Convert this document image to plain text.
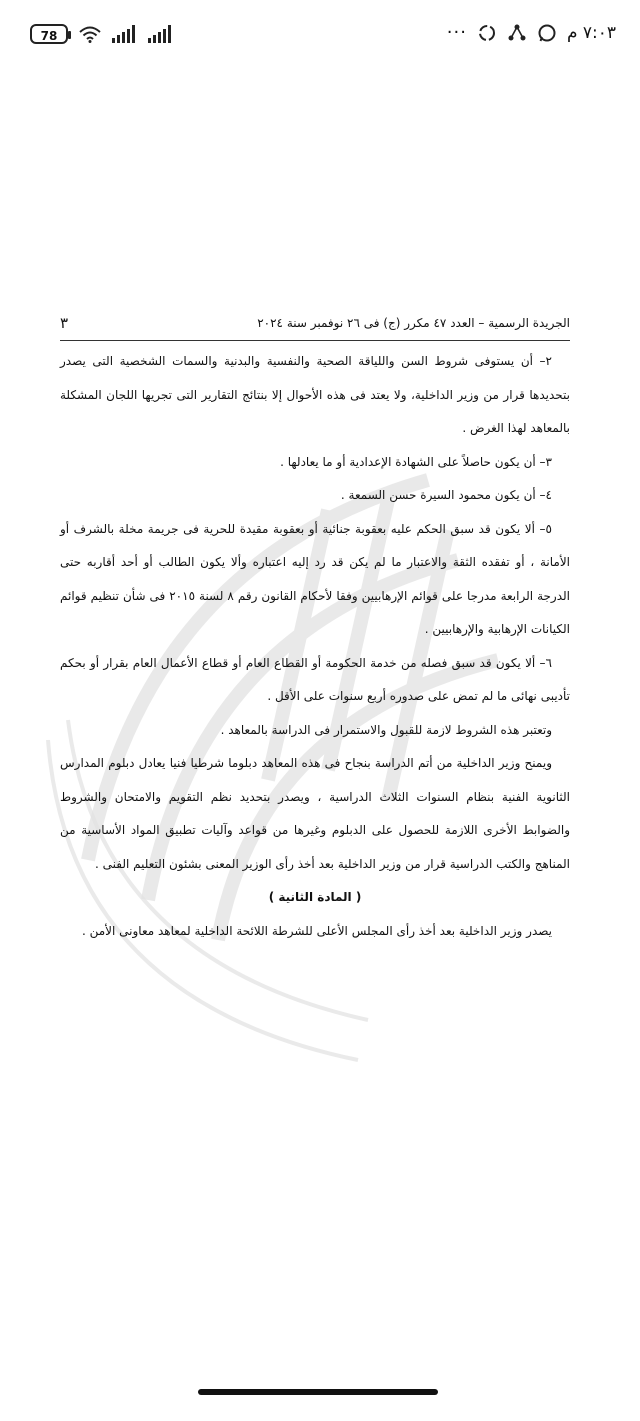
78	···	٧:٠٣ م
الجريدة الرسمية – العدد ٤٧ مكرر (ج) فى ٢٦ نوفمبر سنة ٢٠٢٤
٣

٢– أن يستوفى شروط السن واللياقة الصحية والنفسية والبدنية والسمات الشخصية التى يصدر بتحديدها قرار من وزير الداخلية، ولا يعتد فى هذه الأحوال إلا بنتائج التقارير التى تجريها اللجان المشكلة بالمعاهد لهذا الغرض .

٣– أن يكون حاصلاً على الشهادة الإعدادية أو ما يعادلها .

٤– أن يكون محمود السيرة حسن السمعة .

٥– ألا يكون قد سبق الحكم عليه بعقوبة جنائية أو بعقوبة مقيدة للحرية فى جريمة مخلة بالشرف أو الأمانة ، أو تفقده الثقة والاعتبار ما لم يكن قد رد إليه اعتباره وألا يكون الطالب أو أحد أقاربه حتى الدرجة الرابعة مدرجا على قوائم الإرهابيين وفقا لأحكام القانون رقم ٨ لسنة ٢٠١٥ فى شأن تنظيم قوائم الكيانات الإرهابية والإرهابيين .

٦– ألا يكون قد سبق فصله من خدمة الحكومة أو القطاع العام أو قطاع الأعمال العام بقرار أو بحكم تأديبى نهائى ما لم تمض على صدوره أربع سنوات على الأقل .

وتعتبر هذه الشروط لازمة للقبول والاستمرار فى الدراسة بالمعاهد .

ويمنح وزير الداخلية من أتم الدراسة بنجاح فى هذه المعاهد دبلوما شرطيا فنيا يعادل دبلوم المدارس الثانوية الفنية بنظام السنوات الثلاث الدراسية ، ويصدر بتحديد نظم التقويم والامتحان والشروط والضوابط الأخرى اللازمة للحصول على الدبلوم وغيرها من قواعد وآليات تطبيق المواد الأساسية من المناهج والكتب الدراسية قرار من وزير الداخلية بعد أخذ رأى الوزير المعنى بشئون التعليم الفنى .

( المادة الثانية )

يصدر وزير الداخلية بعد أخذ رأى المجلس الأعلى للشرطة اللائحة الداخلية لمعاهد معاونى الأمن .
